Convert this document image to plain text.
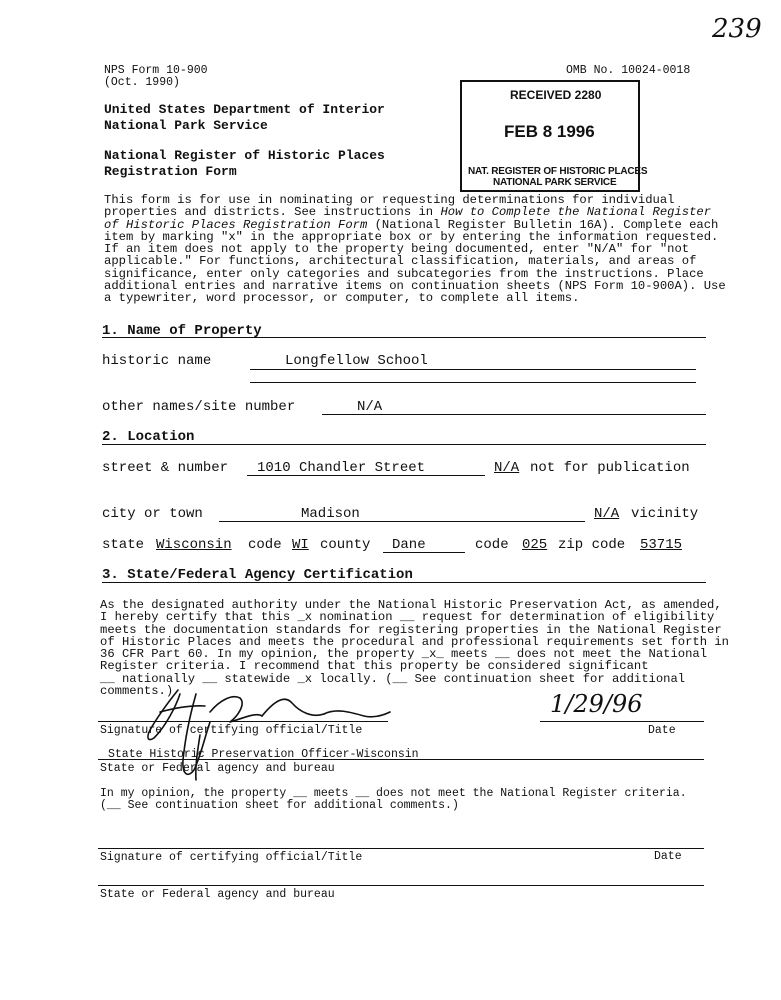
239
NPS Form 10-900
(Oct. 1990)
OMB No. 10024-0018
United States Department of Interior
National Park Service
National Register of Historic Places
Registration Form
RECEIVED 2280
FEB 8 1996
NAT. REGISTER OF HISTORIC PLACES
NATIONAL PARK SERVICE
This form is for use in nominating or requesting determinations for individual
properties and districts. See instructions in How to Complete the National Register
of Historic Places Registration Form (National Register Bulletin 16A). Complete each
item by marking "x" in the appropriate box or by entering the information requested.
If an item does not apply to the property being documented, enter "N/A" for "not
applicable." For functions, architectural classification, materials, and areas of
significance, enter only categories and subcategories from the instructions. Place
additional entries and narrative items on continuation sheets (NPS Form 10-900A). Use
a typewriter, word processor, or computer, to complete all items.
1. Name of Property
historic name	Longfellow School
other names/site number	N/A
2. Location
street & number 1010 Chandler Street	N/A not for publication
city or town	Madison	N/A vicinity
state Wisconsin code WI county Dane	code 025 zip code 53715
3. State/Federal Agency Certification
As the designated authority under the National Historic Preservation Act, as amended,
I hereby certify that this _x nomination __ request for determination of eligibility
meets the documentation standards for registering properties in the National Register
of Historic Places and meets the procedural and professional requirements set forth in
36 CFR Part 60. In my opinion, the property _x_ meets __ does not meet the National
Register criteria. I recommend that this property be considered significant
__ nationally __ statewide _x locally. (__ See continuation sheet for additional
comments.)
Signature of certifying official/Title
1/29/96
Date
State Historic Preservation Officer-Wisconsin
State or Federal agency and bureau
In my opinion, the property __ meets __ does not meet the National Register criteria.
(__ See continuation sheet for additional comments.)
Signature of certifying official/Title	Date
State or Federal agency and bureau
